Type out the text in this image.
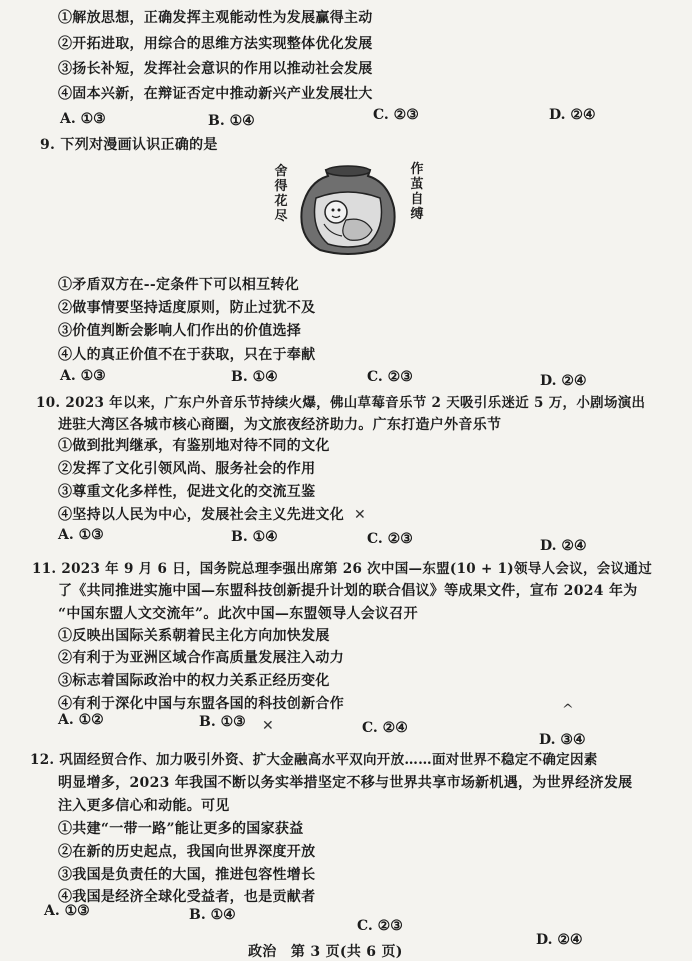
①解放思想，正确发挥主观能动性为发展赢得主动
②开拓进取，用综合的思维方法实现整体优化发展
③扬长补短，发挥社会意识的作用以推动社会发展
④固本兴新，在辩证否定中推动新兴产业发展壮大
A. ①③	B. ①④	C. ②③	D. ②④
9. 下列对漫画认识正确的是
舍得花尽
作茧自缚
①矛盾双方在--定条件下可以相互转化
②做事情要坚持适度原则，防止过犹不及
③价值判断会影响人们作出的价值选择
④人的真正价值不在于获取，只在于奉献
A. ①③	B. ①④	C. ②③	D. ②④
10. 2023 年以来，广东户外音乐节持续火爆，佛山草莓音乐节 2 天吸引乐迷近 5 万，小剧场演出
进驻大湾区各城市核心商圈，为文旅夜经济助力。广东打造户外音乐节
①做到批判继承，有鉴别地对待不同的文化
②发挥了文化引领风尚、服务社会的作用
③尊重文化多样性，促进文化的交流互鉴
④坚持以人民为中心，发展社会主义先进文化 ✕
A. ①③	B. ①④	C. ②③	D. ②④
11. 2023 年 9 月 6 日，国务院总理李强出席第 26 次中国—东盟(10 + 1)领导人会议，会议通过
了《共同推进实施中国—东盟科技创新提升计划的联合倡议》等成果文件，宣布 2024 年为
“中国东盟人文交流年”。此次中国—东盟领导人会议召开
①反映出国际关系朝着民主化方向加快发展
②有利于为亚洲区域合作高质量发展注入动力
③标志着国际政治中的权力关系正经历变化
④有利于深化中国与东盟各国的科技创新合作
A. ①②	B. ①③ ✕	C. ②④
^
D. ③④
12. 巩固经贸合作、加力吸引外资、扩大金融高水平双向开放……面对世界不稳定不确定因素
明显增多，2023 年我国不断以务实举措坚定不移与世界共享市场新机遇，为世界经济发展
注入更多信心和动能。可见
①共建“一带一路”能让更多的国家获益
②在新的历史起点，我国向世界深度开放
③我国是负责任的大国，推进包容性增长
④我国是经济全球化受益者，也是贡献者
A. ①③	B. ①④
C. ②③
D. ②④
政治　第 3 页(共 6 页)
